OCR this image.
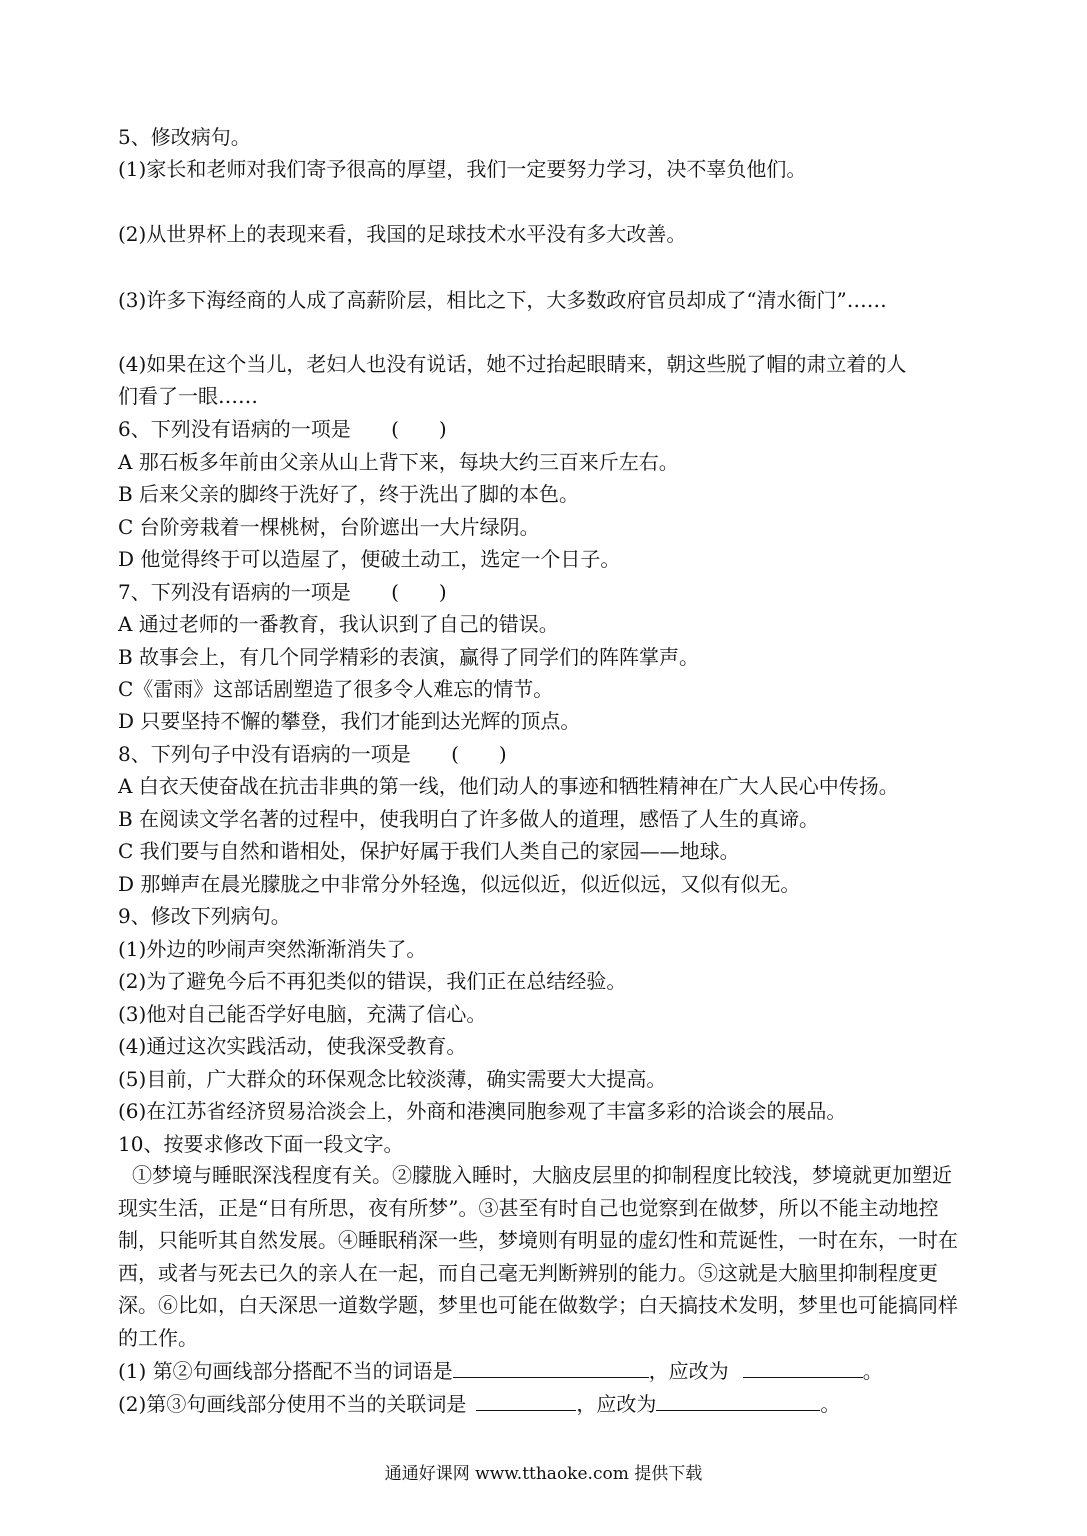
5、修改病句。
(1)家长和老师对我们寄予很高的厚望，我们一定要努力学习，决不辜负他们。
(2)从世界杯上的表现来看，我国的足球技术水平没有多大改善。
(3)许多下海经商的人成了高薪阶层，相比之下，大多数政府官员却成了“清水衙门”……
(4)如果在这个当儿，老妇人也没有说话，她不过抬起眼睛来，朝这些脱了帽的肃立着的人
们看了一眼……
6、下列没有语病的一项是 (　　)
A 那石板多年前由父亲从山上背下来，每块大约三百来斤左右。
B 后来父亲的脚终于洗好了，终于洗出了脚的本色。
C 台阶旁栽着一棵桃树，台阶遮出一大片绿阴。
D 他觉得终于可以造屋了，便破土动工，选定一个日子。
7、下列没有语病的一项是 (　　)
A 通过老师的一番教育，我认识到了自己的错误。
B 故事会上，有几个同学精彩的表演，赢得了同学们的阵阵掌声。
C《雷雨》这部话剧塑造了很多令人难忘的情节。
D 只要坚持不懈的攀登，我们才能到达光辉的顶点。
8、下列句子中没有语病的一项是 (　　)
A 白衣天使奋战在抗击非典的第一线，他们动人的事迹和牺牲精神在广大人民心中传扬。
B 在阅读文学名著的过程中，使我明白了许多做人的道理，感悟了人生的真谛。
C 我们要与自然和谐相处，保护好属于我们人类自己的家园——地球。
D 那蝉声在晨光朦胧之中非常分外轻逸，似远似近，似近似远，又似有似无。
9、修改下列病句。
(1)外边的吵闹声突然渐渐消失了。
(2)为了避免今后不再犯类似的错误，我们正在总结经验。
(3)他对自己能否学好电脑，充满了信心。
(4)通过这次实践活动，使我深受教育。
(5)目前，广大群众的环保观念比较淡薄，确实需要大大提高。
(6)在江苏省经济贸易洽淡会上，外商和港澳同胞参观了丰富多彩的洽谈会的展品。
10、按要求修改下面一段文字。
①梦境与睡眠深浅程度有关。②朦胧入睡时，大脑皮层里的抑制程度比较浅，梦境就更加塑近现实生活，正是“日有所思，夜有所梦”。③甚至有时自己也觉察到在做梦，所以不能主动地控制，只能听其自然发展。④睡眠稍深一些，梦境则有明显的虚幻性和荒诞性，一时在东，一时在西，或者与死去已久的亲人在一起，而自己毫无判断辨别的能力。⑤这就是大脑里抑制程度更深。⑥比如，白天深思一道数学题，梦里也可能在做数学；白天搞技术发明，梦里也可能搞同样的工作。
(1) 第②句画线部分搭配不当的词语是	，应改为	。
(2)第③句画线部分使用不当的关联词是	，应改为	。
通通好课网 www.tthaoke.com 提供下载
